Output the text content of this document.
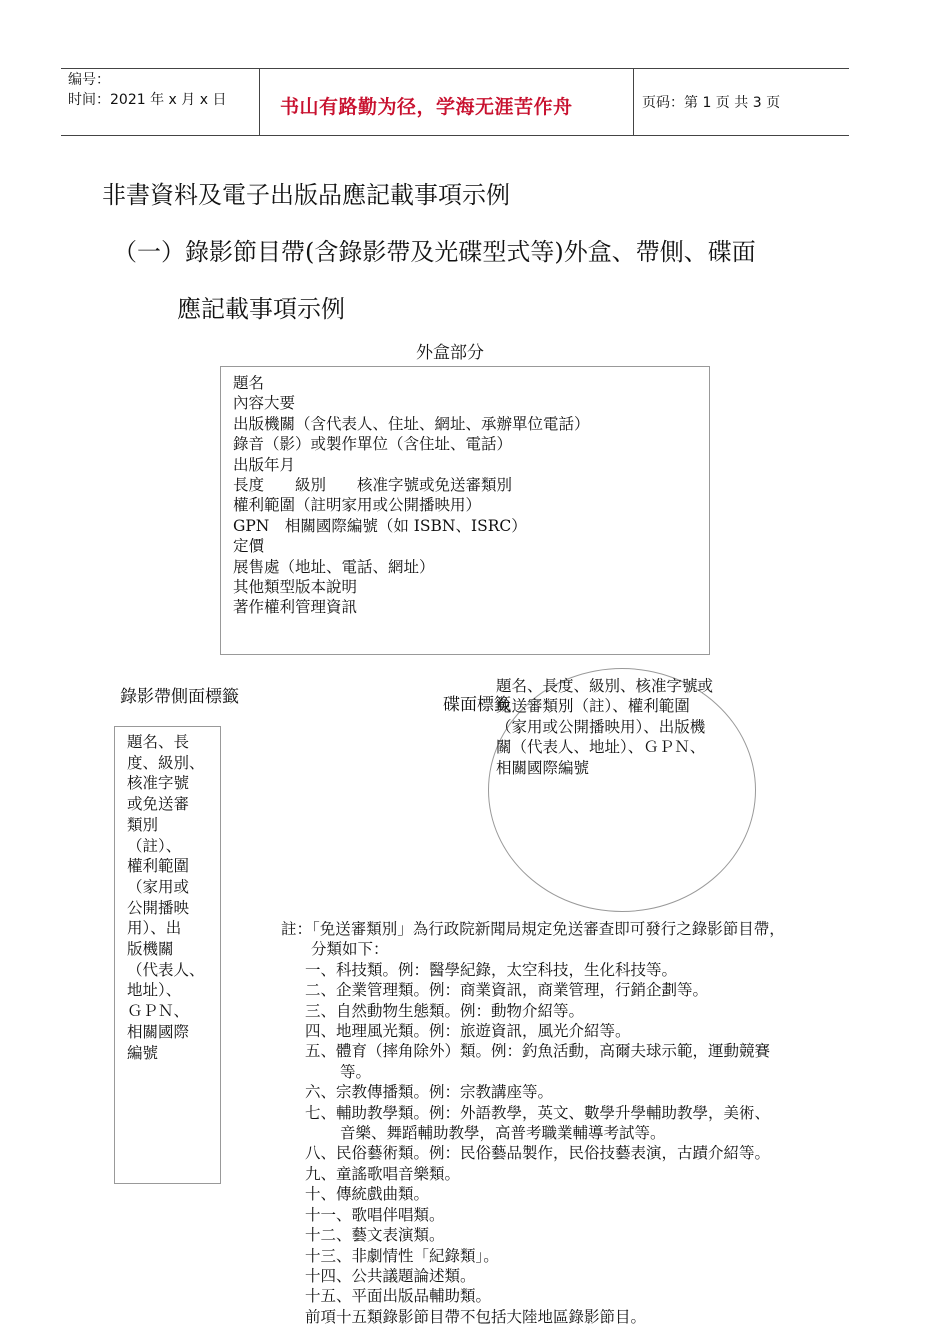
编号：
时间：2021 年 x 月 x 日	书山有路勤为径，学海无涯苦作舟	页码：第 1 页 共 3 页
非書資料及電子出版品應記載事項示例
（一）錄影節目帶(含錄影帶及光碟型式等)外盒、帶側、碟面
應記載事項示例
外盒部分
題名
內容大要
出版機關（含代表人、住址、網址、承辦單位電話）
錄音（影）或製作單位（含住址、電話）
出版年月
長度　　級別　　核准字號或免送審類別
權利範圍（註明家用或公開播映用）
GPN　相關國際編號（如 ISBN、ISRC）
定價
展售處（地址、電話、網址）
其他類型版本說明
著作權利管理資訊
錄影帶側面標籤
題名、長
度、級別、
核准字號
或免送審
類別
（註）、
權利範圍
（家用或
公開播映
用）、出
版機關
（代表人、
地址）、
ＧＰＮ、
相關國際
編號
碟面標籤
題名、長度、級別、核准字號或
免送審類別（註）、權利範圍
（家用或公開播映用）、出版機
關（代表人、地址）、ＧＰＮ、
相關國際編號
註：「免送審類別」為行政院新聞局規定免送審查即可發行之錄影節目帶，
分類如下：
一、科技類。例：醫學紀錄，太空科技，生化科技等。
二、企業管理類。例：商業資訊，商業管理，行銷企劃等。
三、自然動物生態類。例：動物介紹等。
四、地理風光類。例：旅遊資訊，風光介紹等。
五、體育（摔角除外）類。例：釣魚活動，高爾夫球示範，運動競賽
等。
六、宗教傳播類。例：宗教講座等。
七、輔助教學類。例：外語教學，英文、數學升學輔助教學，美術、
音樂、舞蹈輔助教學，高普考職業輔導考試等。
八、民俗藝術類。例：民俗藝品製作，民俗技藝表演，古蹟介紹等。
九、童謠歌唱音樂類。
十、傳統戲曲類。
十一、歌唱伴唱類。
十二、藝文表演類。
十三、非劇情性「紀錄類」。
十四、公共議題論述類。
十五、平面出版品輔助類。
前項十五類錄影節目帶不包括大陸地區錄影節目。
